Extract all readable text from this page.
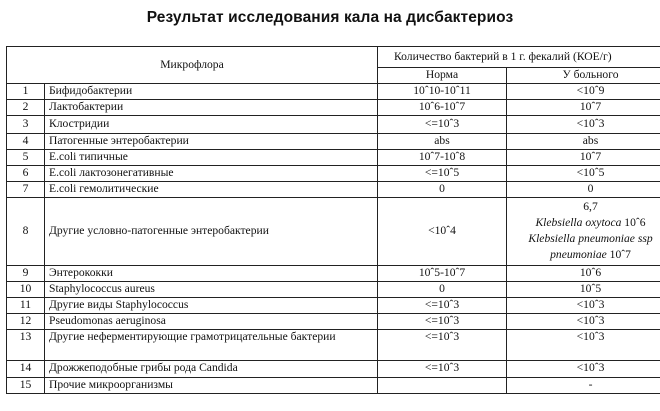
Результат исследования кала на дисбактериоз
Микрофлора		Количество бактерий в 1 г. фекалий (КОЕ/г)	
		Норма	У больного
1	Бифидобактерии	10ˆ10-10ˆ11	<10ˆ9
2	Лактобактерии	10ˆ6-10ˆ7	10ˆ7
3	Клостридии	<=10ˆ3	<10ˆ3
4	Патогенные энтеробактерии	abs	abs
5	E.coli типичные	10ˆ7-10ˆ8	10ˆ7
6	E.coli лактозонегативные	<=10ˆ5	<10ˆ5
7	E.coli гемолитические	0	0
8	Другие условно-патогенные энтеробактерии	<10ˆ4	6,7
Klebsiella oxytoca 10ˆ6
Klebsiella pneumoniae ssp
pneumoniae 10ˆ7

9	Энтерококки	10ˆ5-10ˆ7	10ˆ6
10	Staphylococcus aureus	0	10ˆ5
11	Другие виды Staphylococcus	<=10ˆ3	<10ˆ3
12	Pseudomonas aeruginosa	<=10ˆ3	<10ˆ3
13	Другие неферментирующие грамотрицательные бактерии	<=10ˆ3	<10ˆ3
14	Дрожжеподобные грибы рода Candida	<=10ˆ3	<10ˆ3
15	Прочие микроорганизмы		-
